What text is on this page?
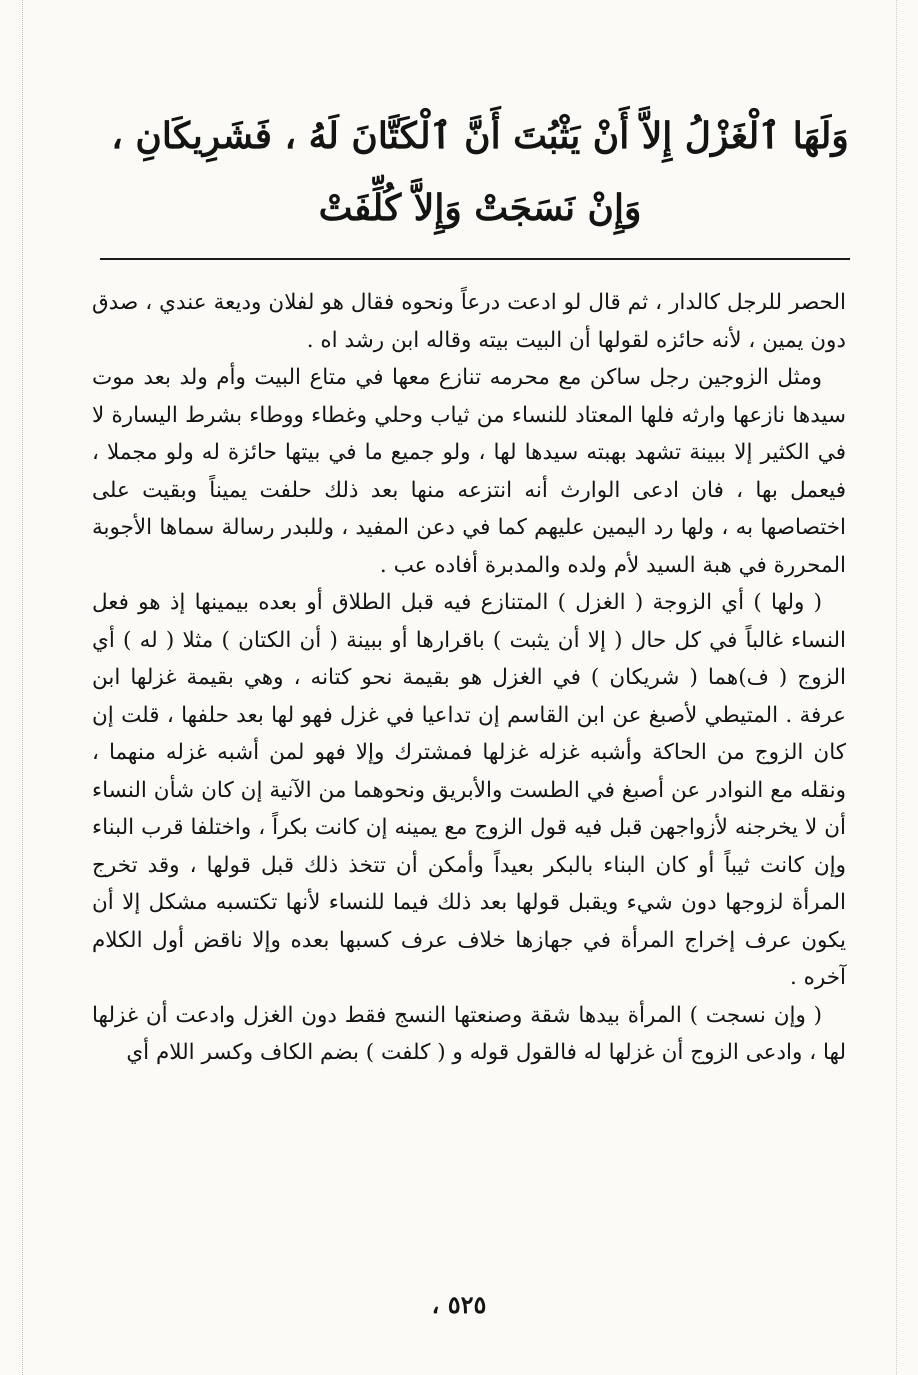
وَلَهَا ٱلْغَزْلُ إِلاَّ أَنْ يَثْبُتَ أَنَّ ٱلْكَتَّانَ لَهُ ، فَشَرِيكَانِ ، وَإِنْ نَسَجَتْ وَإِلاَّ كُلِّفَتْ

الحصر للرجل كالدار ، ثم قال لو ادعت درعاً ونحوه فقال هو لفلان وديعة عندي ، صدق دون يمين ، لأنه حائزه لقولها أن البيت بيته وقاله ابن رشد اه .

ومثل الزوجين رجل ساكن مع محرمه تنازع معها في متاع البيت وأم ولد بعد موت سيدها نازعها وارثه فلها المعتاد للنساء من ثياب وحلي وغطاء ووطاء بشرط اليسارة لا في الكثير إلا ببينة تشهد بهبته سيدها لها ، ولو جميع ما في بيتها حائزة له ولو مجملا ، فيعمل بها ، فان ادعى الوارث أنه انتزعه منها بعد ذلك حلفت يميناً وبقيت على اختصاصها به ، ولها رد اليمين عليهم كما في دعن المفيد ، وللبدر رسالة سماها الأجوبة المحررة في هبة السيد لأم ولده والمدبرة أفاده عب .

( ولها ) أي الزوجة ( الغزل ) المتنازع فيه قبل الطلاق أو بعده بيمينها إذ هو فعل النساء غالباً في كل حال ( إلا أن يثبت ) باقرارها أو ببينة ( أن الكتان ) مثلا ( له ) أي الزوج ( ف)هما ( شريكان ) في الغزل هو بقيمة نحو كتانه ، وهي بقيمة غزلها ابن عرفة . المتيطي لأصبغ عن ابن القاسم إن تداعيا في غزل فهو لها بعد حلفها ، قلت إن كان الزوج من الحاكة وأشبه غزله غزلها فمشترك وإلا فهو لمن أشبه غزله منهما ، ونقله مع النوادر عن أصبغ في الطست والأبريق ونحوهما من الآنية إن كان شأن النساء أن لا يخرجنه لأزواجهن قبل فيه قول الزوج مع يمينه إن كانت بكراً ، واختلفا قرب البناء وإن كانت ثيباً أو كان البناء بالبكر بعيداً وأمكن أن تتخذ ذلك قبل قولها ، وقد تخرج المرأة لزوجها دون شيء ويقبل قولها بعد ذلك فيما للنساء لأنها تكتسبه مشكل إلا أن يكون عرف إخراج المرأة في جهازها خلاف عرف كسبها بعده وإلا ناقض أول الكلام آخره .

( وإن نسجت ) المرأة بيدها شقة وصنعتها النسج فقط دون الغزل وادعت أن غزلها لها ، وادعى الزوج أن غزلها له فالقول قوله و ( كلفت ) بضم الكاف وكسر اللام أي

٥٢٥ ،
